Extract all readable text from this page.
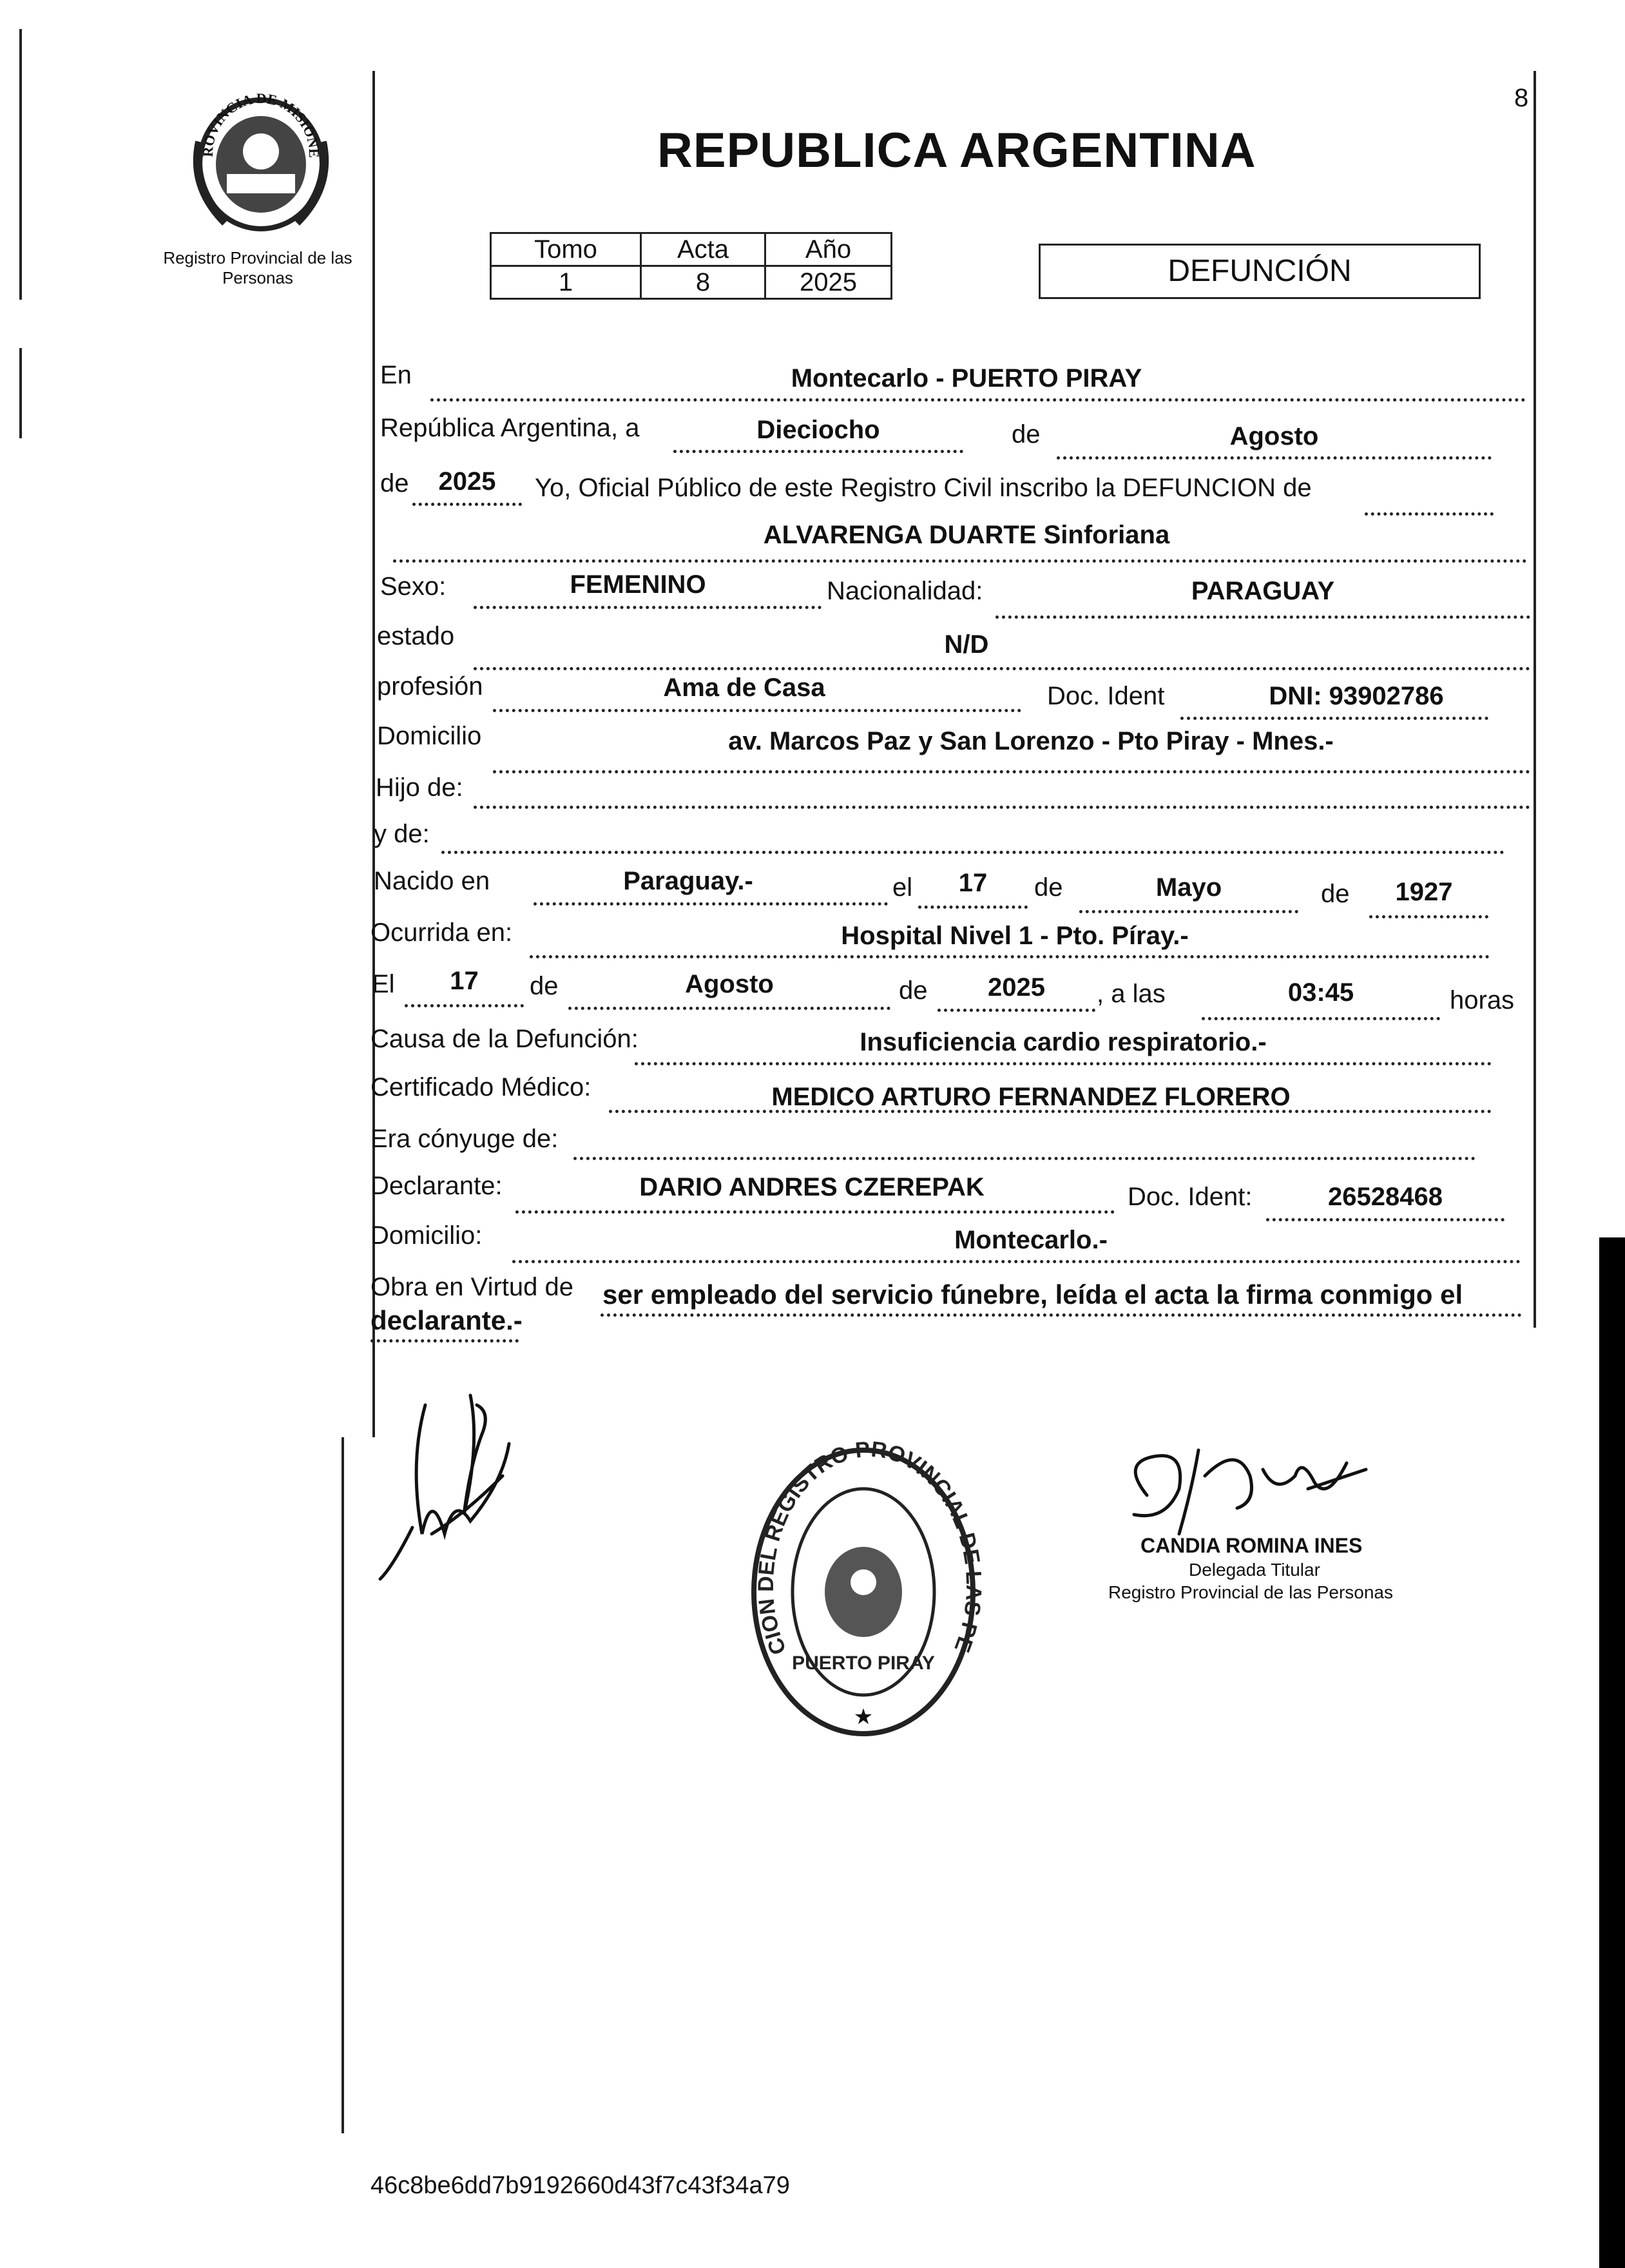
8
ROVINCIA DE MISIONE
Registro Provincial de las Personas
REPUBLICA ARGENTINA
Tomo	Acta	Año
1	8	2025	DEFUNCIÓN
En	Montecarlo - PUERTO PIRAY
República Argentina, a	Dieciocho	de	Agosto
de	2025	Yo, Oficial Público de este Registro Civil inscribo la DEFUNCION de
ALVARENGA DUARTE Sinforiana
Sexo:	FEMENINO	Nacionalidad:	PARAGUAY
estado	N/D
profesión	Ama de Casa	Doc. Ident	DNI: 93902786
Domicilio	av. Marcos Paz y San Lorenzo - Pto Piray - Mnes.-
Hijo de:
y de:
Nacido en	Paraguay.-	el	17	de	Mayo	de	1927
Ocurrida en:	Hospital Nivel 1 - Pto. Píray.-
El	17	de	Agosto	de	2025	, a las	03:45	horas
Causa de la Defunción:	Insuficiencia cardio respiratorio.-
Certificado Médico:	MEDICO ARTURO FERNANDEZ FLORERO
Era cónyuge de:
Declarante:	DARIO ANDRES CZEREPAK	Doc. Ident:	26528468
Domicilio:	Montecarlo.-
Obra en Virtud de ser empleado del servicio fúnebre, leída el acta la firma conmigo el
declarante.-
CION DEL REGISTRO PROVINCIAL DE LAS PE
PUERTO PIRAY
★
CANDIA ROMINA INES
Delegada Titular
Registro Provincial de las Personas
46c8be6dd7b9192660d43f7c43f34a79
